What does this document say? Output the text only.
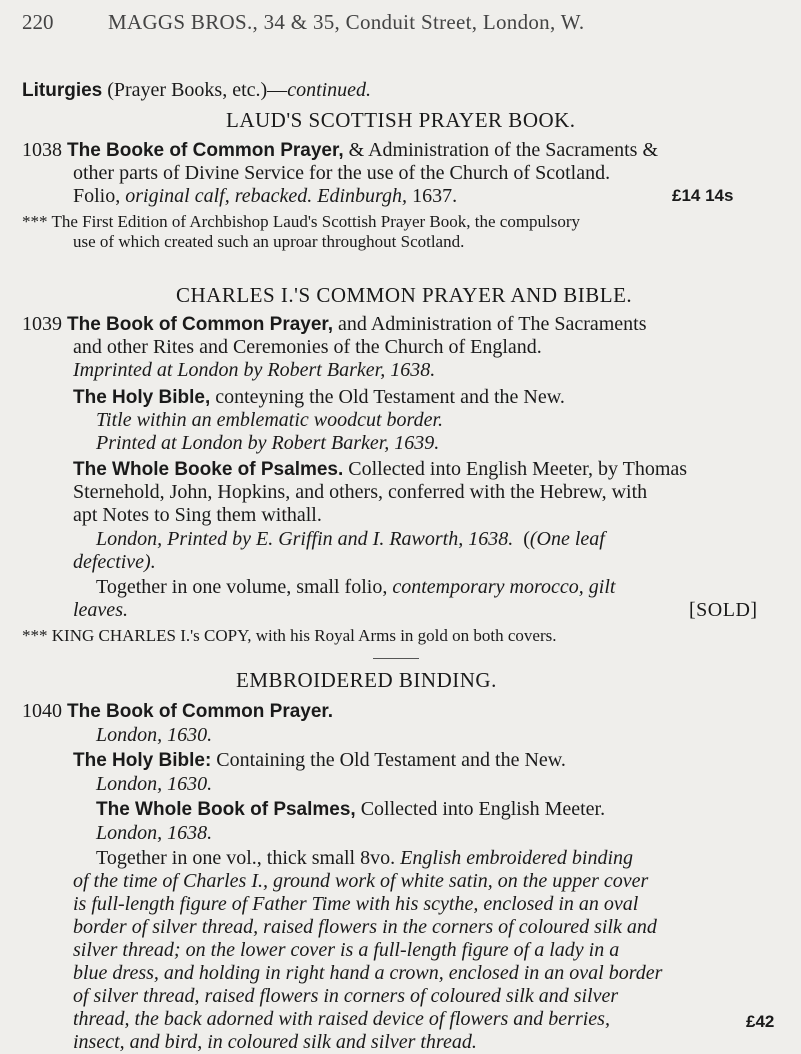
220	MAGGS BROS., 34 & 35, Conduit Street, London, W.
Liturgies (Prayer Books, etc.)—continued.
LAUD'S SCOTTISH PRAYER BOOK.
1038 The Booke of Common Prayer, & Administration of the Sacraments &
other parts of Divine Service for the use of the Church of Scotland.
Folio, original calf, rebacked. Edinburgh, 1637.	£14 14s
*** The First Edition of Archbishop Laud's Scottish Prayer Book, the compulsory
use of which created such an uproar throughout Scotland.
CHARLES I.'S COMMON PRAYER AND BIBLE.
1039 The Book of Common Prayer, and Administration of The Sacraments
and other Rites and Ceremonies of the Church of England.
Imprinted at London by Robert Barker, 1638.
The Holy Bible, conteyning the Old Testament and the New.
Title within an emblematic woodcut border.
Printed at London by Robert Barker, 1639.
The Whole Booke of Psalmes. Collected into English Meeter, by Thomas
Sternehold, John, Hopkins, and others, conferred with the Hebrew, with
apt Notes to Sing them withall.
London, Printed by E. Griffin and I. Raworth, 1638.  ((One leaf
defective).
Together in one volume, small folio, contemporary morocco, gilt
leaves.	[SOLD]
*** KING CHARLES I.'s COPY, with his Royal Arms in gold on both covers.
EMBROIDERED BINDING.
1040 The Book of Common Prayer.
London, 1630.
The Holy Bible: Containing the Old Testament and the New.
London, 1630.
The Whole Book of Psalmes, Collected into English Meeter.
London, 1638.
Together in one vol., thick small 8vo. English embroidered binding
of the time of Charles I., ground work of white satin, on the upper cover
is full-length figure of Father Time with his scythe, enclosed in an oval
border of silver thread, raised flowers in the corners of coloured silk and
silver thread; on the lower cover is a full-length figure of a lady in a
blue dress, and holding in right hand a crown, enclosed in an oval border
of silver thread, raised flowers in corners of coloured silk and silver
thread, the back adorned with raised device of flowers and berries,
insect, and bird, in coloured silk and silver thread.
£42
